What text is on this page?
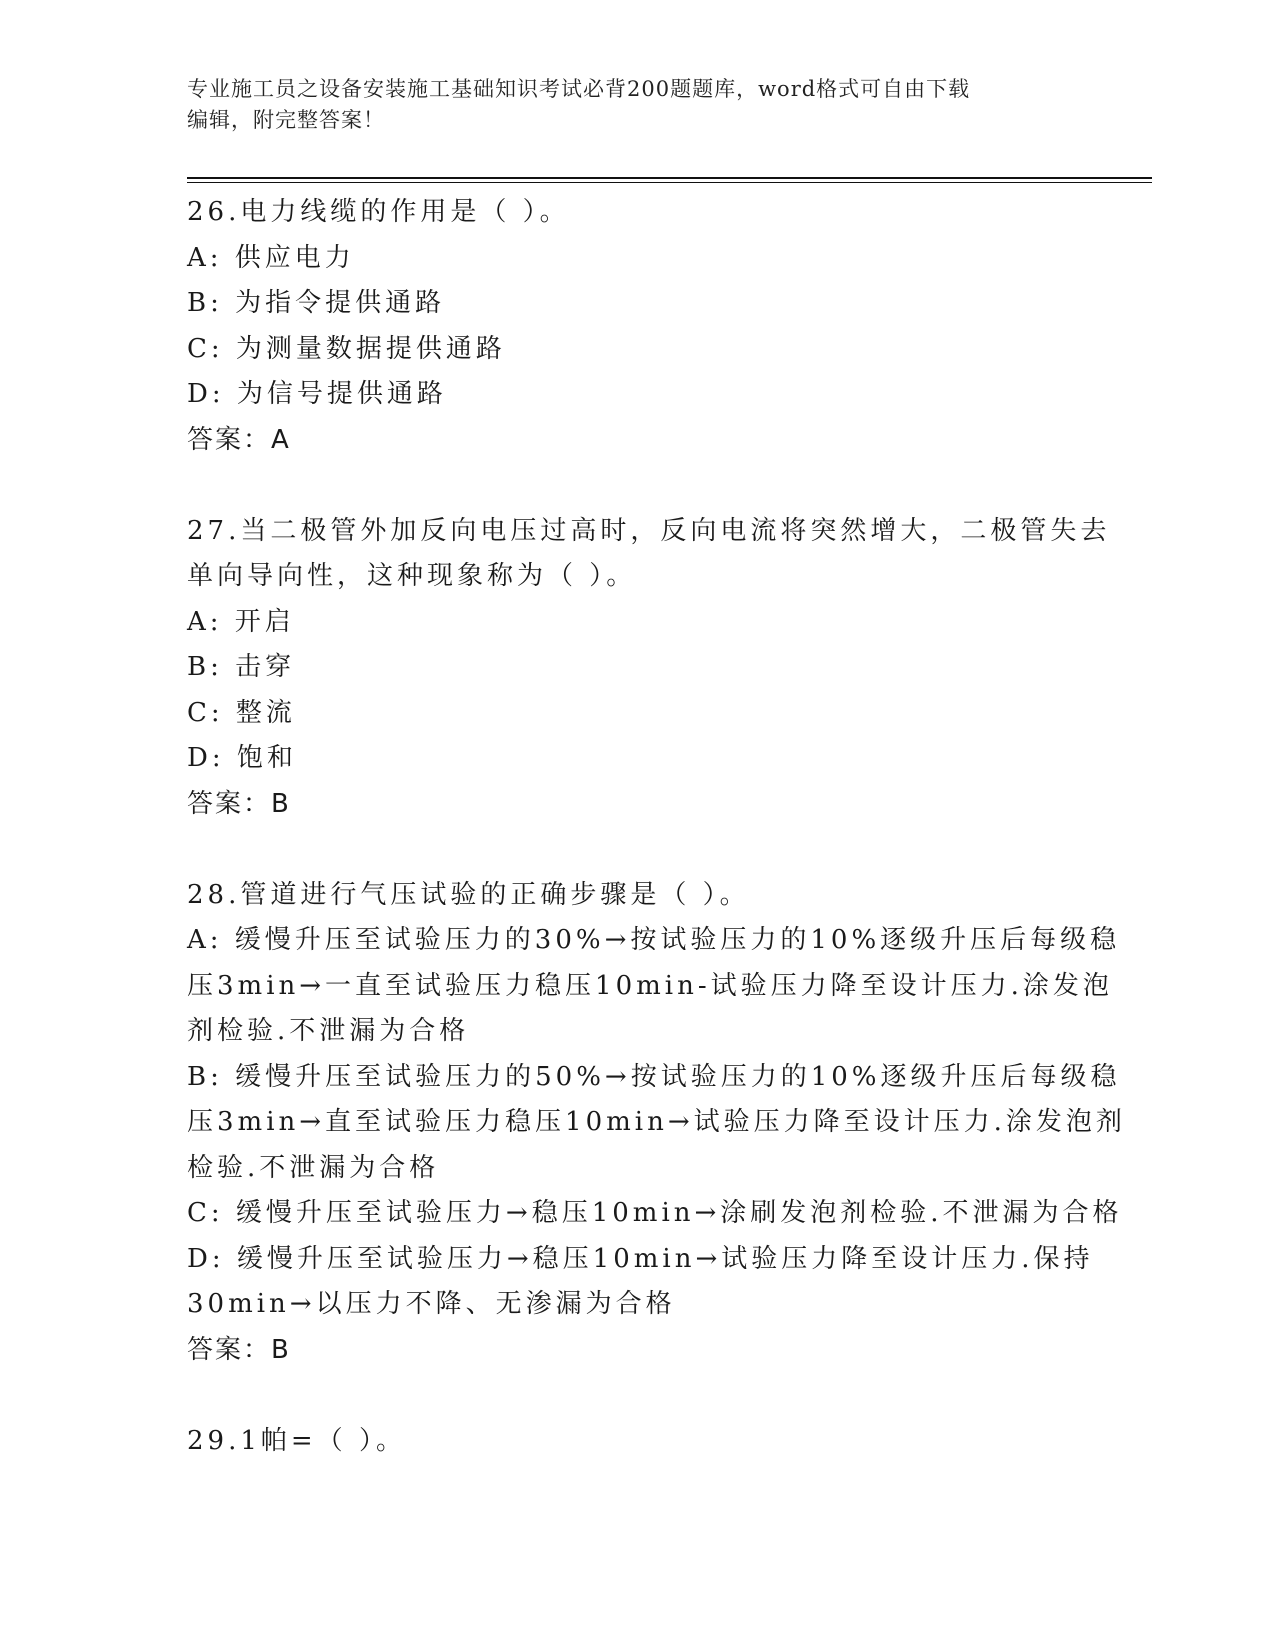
专业施工员之设备安装施工基础知识考试必背200题题库，word格式可自由下载
编辑，附完整答案！
26.电力线缆的作用是（ ）。
A: 供应电力
B: 为指令提供通路
C: 为测量数据提供通路
D: 为信号提供通路
答案：A
27.当二极管外加反向电压过高时，反向电流将突然增大，二极管失去
单向导向性，这种现象称为（ ）。
A: 开启
B: 击穿
C: 整流
D: 饱和
答案：B
28.管道进行气压试验的正确步骤是（ ）。
A: 缓慢升压至试验压力的30%→按试验压力的10%逐级升压后每级稳
压3min→一直至试验压力稳压10min-试验压力降至设计压力.涂发泡
剂检验.不泄漏为合格
B: 缓慢升压至试验压力的50%→按试验压力的10%逐级升压后每级稳
压3min→直至试验压力稳压10min→试验压力降至设计压力.涂发泡剂
检验.不泄漏为合格
C: 缓慢升压至试验压力→稳压10min→涂刷发泡剂检验.不泄漏为合格
D: 缓慢升压至试验压力→稳压10min→试验压力降至设计压力.保持
30min→以压力不降、无渗漏为合格
答案：B
29.1帕=（ ）。
